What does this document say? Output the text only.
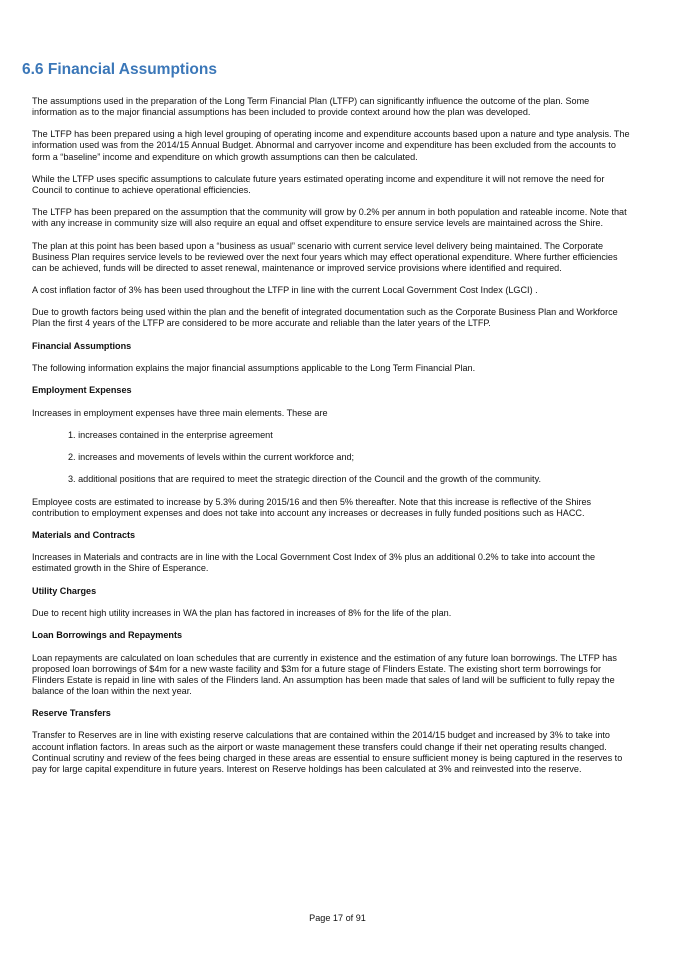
6.6 Financial Assumptions

The assumptions used in the preparation of the Long Term Financial Plan (LTFP) can significantly influence the outcome of the plan. Some information as to the major financial assumptions has been included to provide context around how the plan was developed.

The LTFP has been prepared using a high level grouping of operating income and expenditure accounts based upon a nature and type analysis. The information used was from the 2014/15 Annual Budget. Abnormal and carryover income and expenditure has been excluded from the accounts to form a “baseline” income and expenditure on which growth assumptions can then be calculated.

While the LTFP uses specific assumptions to calculate future years estimated operating income and expenditure it will not remove the need for Council to continue to achieve operational efficiencies.

The LTFP has been prepared on the assumption that the community will grow by 0.2% per annum in both population and rateable income. Note that with any increase in community size will also require an equal and offset expenditure to ensure service levels are maintained across the Shire.

The plan at this point has been based upon a “business as usual” scenario with current service level delivery being maintained. The Corporate Business Plan requires service levels to be reviewed over the next four years which may effect operational expenditure. Where further efficiencies can be achieved, funds will be directed to asset renewal, maintenance or improved service provisions where identified and required.

A cost inflation factor of 3% has been used throughout the LTFP in line with the current Local Government Cost Index (LGCI) .

Due to growth factors being used within the plan and the benefit of integrated documentation such as the Corporate Business Plan and Workforce Plan the first 4 years of the LTFP are considered to be more accurate and reliable than the later years of the LTFP.

Financial Assumptions

The following information explains the major financial assumptions applicable to the Long Term Financial Plan.

Employment Expenses

Increases in employment expenses have three main elements. These are

1. increases contained in the enterprise agreement
2. increases and movements of levels within the current workforce and;
3. additional positions that are required to meet the strategic direction of the Council and the growth of the community.

Employee costs are estimated to increase by 5.3% during 2015/16 and then 5% thereafter. Note that this increase is reflective of the Shires contribution to employment expenses and does not take into account any increases or decreases in fully funded positions such as HACC.

Materials and Contracts

Increases in Materials and contracts are in line with the Local Government Cost Index of 3% plus an additional 0.2% to take into account the estimated growth in the Shire of Esperance.

Utility Charges

Due to recent high utility increases in WA the plan has factored in increases of 8% for the life of the plan.

Loan Borrowings and Repayments

Loan repayments are calculated on loan schedules that are currently in existence and the estimation of any future loan borrowings. The LTFP has proposed loan borrowings of $4m for a new waste facility and $3m for a future stage of Flinders Estate. The existing short term borrowings for Flinders Estate is repaid in line with sales of the Flinders land. An assumption has been made that sales of land will be sufficient to fully repay the balance of the loan within the next year.

Reserve Transfers

Transfer to Reserves are in line with existing reserve calculations that are contained within the 2014/15 budget and increased by 3% to take into account inflation factors. In areas such as the airport or waste management these transfers could change if their net operating results changed. Continual scrutiny and review of the fees being charged in these areas are essential to ensure sufficient money is being captured in the reserves to pay for large capital expenditure in future years. Interest on Reserve holdings has been calculated at 3% and reinvested into the reserve.

Page 17 of 91
